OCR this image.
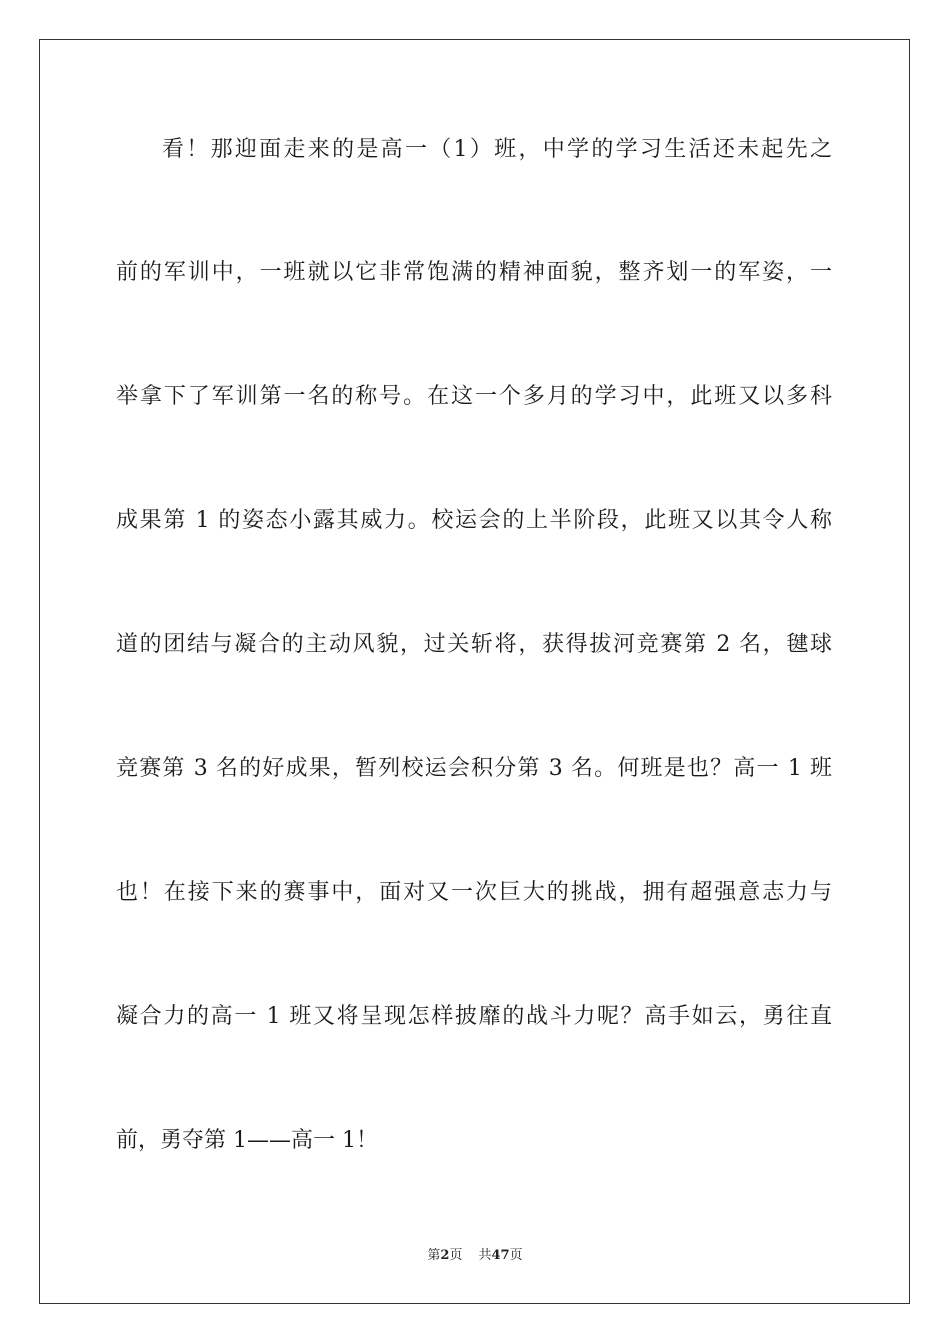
看！那迎面走来的是高一（1）班，中学的学习生活还未起先之
前的军训中，一班就以它非常饱满的精神面貌，整齐划一的军姿，一
举拿下了军训第一名的称号。在这一个多月的学习中，此班又以多科
成果第 1 的姿态小露其威力。校运会的上半阶段，此班又以其令人称
道的团结与凝合的主动风貌，过关斩将，获得拔河竞赛第 2 名，毽球
竞赛第 3 名的好成果，暂列校运会积分第 3 名。何班是也？高一 1 班
也！在接下来的赛事中，面对又一次巨大的挑战，拥有超强意志力与
凝合力的高一 1 班又将呈现怎样披靡的战斗力呢？高手如云，勇往直
前，勇夺第 1——高一 1！
第2页 共47页
